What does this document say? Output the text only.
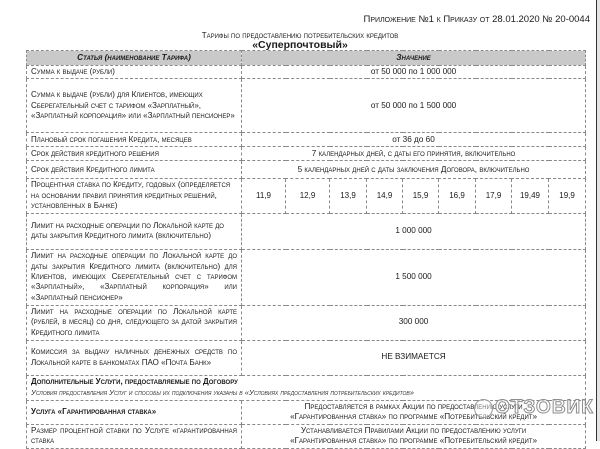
Приложение №1 к Приказу от 28.01.2020 № 20-0044
Тарифы по предоставлению потребительских кредитов
«Суперпочтовый»
Статья (наименование Тарифа)	Значение								
Сумма к выдаче (рубли)	от 50 000 по 1 000 000								
Сумма к выдаче (рубли) для Клиентов, имеющих Сберегательный счет с тарифом «Зарплатный», «Зарплатный корпорация» или «Зарплатный пенсионер»	от 50 000 по 1 500 000								
Плановый срок погашения Кредита, месяцев	от 36 до 60								
Срок действия кредитного решения	7 календарных дней, с даты его принятия, включительно								
Срок действия Кредитного лимита	5 календарных дней с даты заключения Договора, включительно								
Процентная ставка по Кредиту, годовых (определяется на основании правил принятия кредитных решений, установленных в Банке)	11,9	12,9	13,9	14,9	15,9	16,9	17,9	19,49	19,9
Лимит на расходные операции по Локальной карте до даты закрытия Кредитного лимита (включительно)	1 000 000								
Лимит на расходные операции по Локальной карте до даты закрытия Кредитного лимита (включительно) для Клиентов, имеющих Сберегательный счет с тарифом «Зарплатный», «Зарплатный корпорация» или «Зарплатный пенсионер»	1 500 000								
Лимит на расходные операции по Локальной карте (рублей, в месяц) со дня, следующего за датой закрытия Кредитного лимита	300 000								
Комиссия за выдачу наличных денежных средств по Локальной карте в банкоматах ПАО «Почта Банк»	НЕ ВЗИМАЕТСЯ								
Дополнительные Услуги, предоставляемые по Договору
Условия предоставления Услуг и способы их подключения указаны в «Условиях предоставления потребительских кредитов»									

Услуга «Гарантированная ставка»	Предоставляется в рамках Акции по предоставлению услуги
«Гарантированная ставка» по программе «Потребительский кредит»								

Размер процентной ставки по Услуге «гарантированная ставка	Устанавливается Правилами Акции по предоставлению услуги
«Гарантированная ставка» по программе «Потребительский кредит»								
ОТЗОВИК
